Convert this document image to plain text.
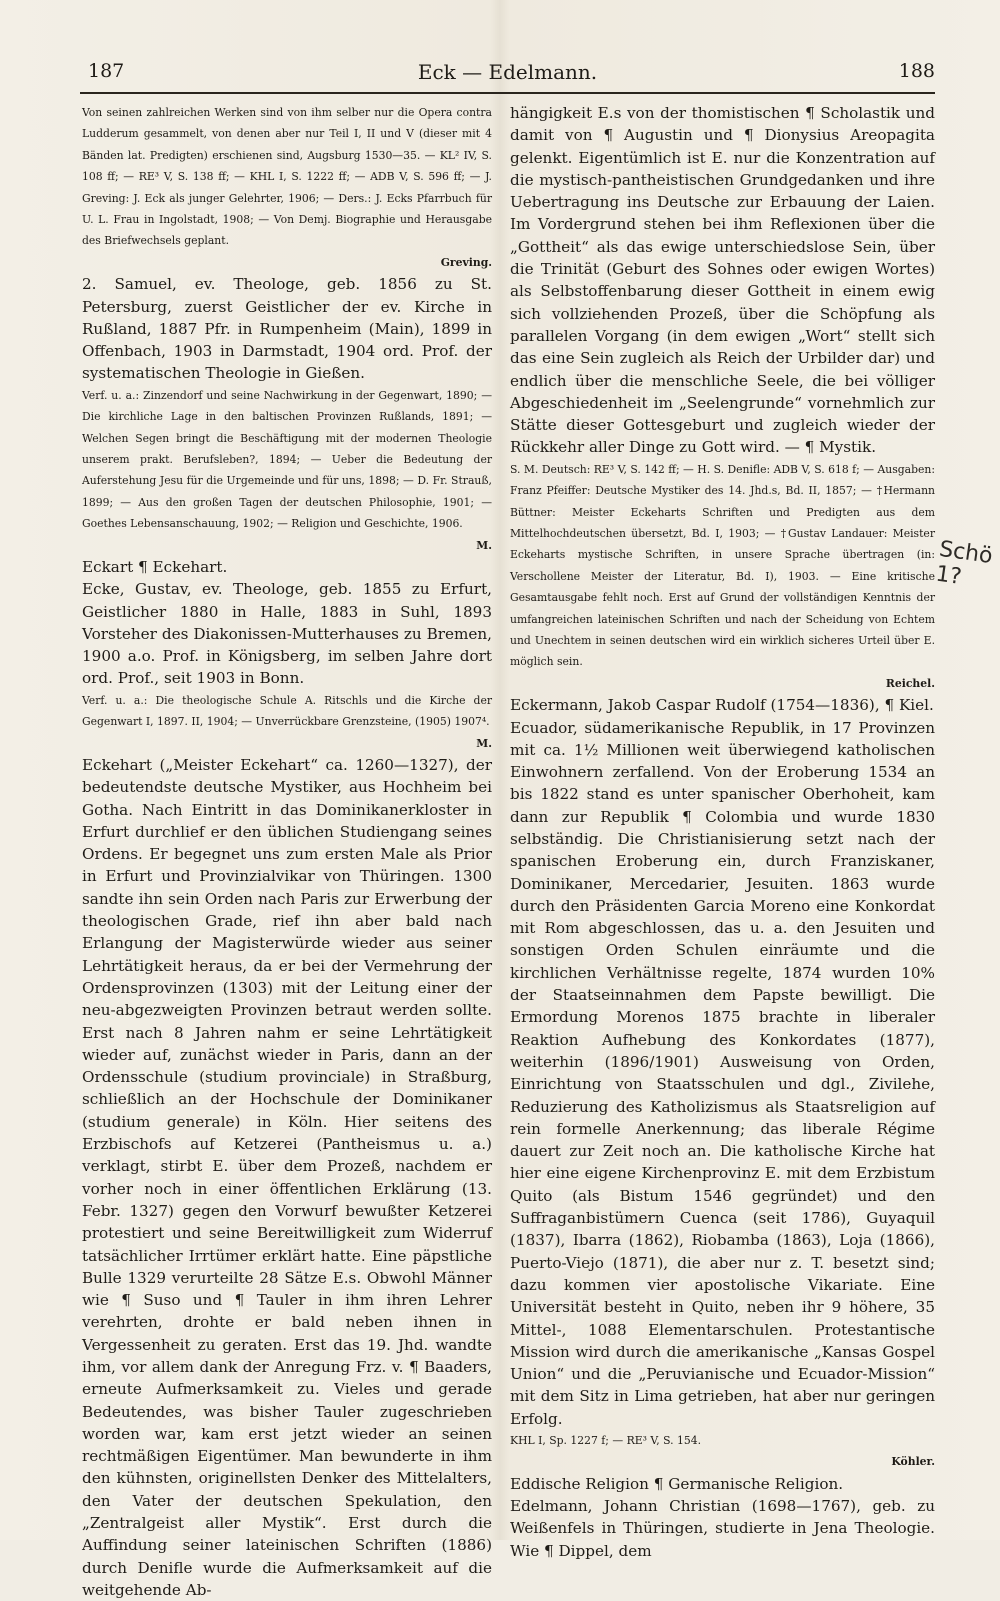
187	Eck — Edelmann.	188

Von seinen zahlreichen Werken sind von ihm selber nur die Opera contra Ludderum gesammelt, von denen aber nur Teil I, II und V (dieser mit 4 Bänden lat. Predigten) erschienen sind, Augsburg 1530—35. — KL² IV, S. 108 ff; — RE³ V, S. 138 ff; — KHL I, S. 1222 ff; — ADB V, S. 596 ff; — J. Greving: J. Eck als junger Gelehrter, 1906; — Ders.: J. Ecks Pfarrbuch für U. L. Frau in Ingolstadt, 1908; — Von Demj. Biographie und Herausgabe des Briefwechsels geplant.

Greving.

2. Samuel, ev. Theologe, geb. 1856 zu St. Petersburg, zuerst Geistlicher der ev. Kirche in Rußland, 1887 Pfr. in Rumpenheim (Main), 1899 in Offenbach, 1903 in Darmstadt, 1904 ord. Prof. der systematischen Theologie in Gießen.

Verf. u. a.: Zinzendorf und seine Nachwirkung in der Gegenwart, 1890; — Die kirchliche Lage in den baltischen Provinzen Rußlands, 1891; — Welchen Segen bringt die Beschäftigung mit der modernen Theologie unserem prakt. Berufsleben?, 1894; — Ueber die Bedeutung der Auferstehung Jesu für die Urgemeinde und für uns, 1898; — D. Fr. Strauß, 1899; — Aus den großen Tagen der deutschen Philosophie, 1901; — Goethes Lebensanschauung, 1902; — Religion und Geschichte, 1906.

M.

Eckart ¶ Eckehart.

Ecke, Gustav, ev. Theologe, geb. 1855 zu Erfurt, Geistlicher 1880 in Halle, 1883 in Suhl, 1893 Vorsteher des Diakonissen-Mutterhauses zu Bremen, 1900 a.o. Prof. in Königsberg, im selben Jahre dort ord. Prof., seit 1903 in Bonn.

Verf. u. a.: Die theologische Schule A. Ritschls und die Kirche der Gegenwart I, 1897. II, 1904; — Unverrückbare Grenzsteine, (1905) 1907⁴.

M.

Eckehart („Meister Eckehart“ ca. 1260—1327), der bedeutendste deutsche Mystiker, aus Hochheim bei Gotha. Nach Eintritt in das Dominikanerkloster in Erfurt durchlief er den üblichen Studiengang seines Ordens. Er begegnet uns zum ersten Male als Prior in Erfurt und Provinzialvikar von Thüringen. 1300 sandte ihn sein Orden nach Paris zur Erwerbung der theologischen Grade, rief ihn aber bald nach Erlangung der Magisterwürde wieder aus seiner Lehrtätigkeit heraus, da er bei der Vermehrung der Ordensprovinzen (1303) mit der Leitung einer der neu-abgezweigten Provinzen betraut werden sollte. Erst nach 8 Jahren nahm er seine Lehrtätigkeit wieder auf, zunächst wieder in Paris, dann an der Ordensschule (studium provinciale) in Straßburg, schließlich an der Hochschule der Dominikaner (studium generale) in Köln. Hier seitens des Erzbischofs auf Ketzerei (Pantheismus u. a.) verklagt, stirbt E. über dem Prozeß, nachdem er vorher noch in einer öffentlichen Erklärung (13. Febr. 1327) gegen den Vorwurf bewußter Ketzerei protestiert und seine Bereitwilligkeit zum Widerruf tatsächlicher Irrtümer erklärt hatte. Eine päpstliche Bulle 1329 verurteilte 28 Sätze E.s. Obwohl Männer wie ¶ Suso und ¶ Tauler in ihm ihren Lehrer verehrten, drohte er bald neben ihnen in Vergessenheit zu geraten. Erst das 19. Jhd. wandte ihm, vor allem dank der Anregung Frz. v. ¶ Baaders, erneute Aufmerksamkeit zu. Vieles und gerade Bedeutendes, was bisher Tauler zugeschrieben worden war, kam erst jetzt wieder an seinen rechtmäßigen Eigentümer. Man bewunderte in ihm den kühnsten, originellsten Denker des Mittelalters, den Vater der deutschen Spekulation, den „Zentralgeist aller Mystik“. Erst durch die Auffindung seiner lateinischen Schriften (1886) durch Denifle wurde die Aufmerksamkeit auf die weitgehende Ab-

hängigkeit E.s von der thomistischen ¶ Scholastik und damit von ¶ Augustin und ¶ Dionysius Areopagita gelenkt. Eigentümlich ist E. nur die Konzentration auf die mystisch-pantheistischen Grundgedanken und ihre Uebertragung ins Deutsche zur Erbauung der Laien. Im Vordergrund stehen bei ihm Reflexionen über die „Gottheit“ als das ewige unterschiedslose Sein, über die Trinität (Geburt des Sohnes oder ewigen Wortes) als Selbstoffenbarung dieser Gottheit in einem ewig sich vollziehenden Prozeß, über die Schöpfung als parallelen Vorgang (in dem ewigen „Wort“ stellt sich das eine Sein zugleich als Reich der Urbilder dar) und endlich über die menschliche Seele, die bei völliger Abgeschiedenheit im „Seelengrunde“ vornehmlich zur Stätte dieser Gottesgeburt und zugleich wieder der Rückkehr aller Dinge zu Gott wird. — ¶ Mystik.

S. M. Deutsch: RE³ V, S. 142 ff; — H. S. Denifle: ADB V, S. 618 f; — Ausgaben: Franz Pfeiffer: Deutsche Mystiker des 14. Jhd.s, Bd. II, 1857; — †Hermann Büttner: Meister Eckeharts Schriften und Predigten aus dem Mittelhochdeutschen übersetzt, Bd. I, 1903; — †Gustav Landauer: Meister Eckeharts mystische Schriften, in unsere Sprache übertragen (in: Verschollene Meister der Literatur, Bd. I), 1903. — Eine kritische Gesamtausgabe fehlt noch. Erst auf Grund der vollständigen Kenntnis der umfangreichen lateinischen Schriften und nach der Scheidung von Echtem und Unechtem in seinen deutschen wird ein wirklich sicheres Urteil über E. möglich sein.

Reichel.

Eckermann, Jakob Caspar Rudolf (1754—1836), ¶ Kiel.

Ecuador, südamerikanische Republik, in 17 Provinzen mit ca. 1½ Millionen weit überwiegend katholischen Einwohnern zerfallend. Von der Eroberung 1534 an bis 1822 stand es unter spanischer Oberhoheit, kam dann zur Republik ¶ Colombia und wurde 1830 selbständig. Die Christianisierung setzt nach der spanischen Eroberung ein, durch Franziskaner, Dominikaner, Mercedarier, Jesuiten. 1863 wurde durch den Präsidenten Garcia Moreno eine Konkordat mit Rom abgeschlossen, das u. a. den Jesuiten und sonstigen Orden Schulen einräumte und die kirchlichen Verhältnisse regelte, 1874 wurden 10% der Staatseinnahmen dem Papste bewilligt. Die Ermordung Morenos 1875 brachte in liberaler Reaktion Aufhebung des Konkordates (1877), weiterhin (1896/1901) Ausweisung von Orden, Einrichtung von Staatsschulen und dgl., Zivilehe, Reduzierung des Katholizismus als Staatsreligion auf rein formelle Anerkennung; das liberale Régime dauert zur Zeit noch an. Die katholische Kirche hat hier eine eigene Kirchenprovinz E. mit dem Erzbistum Quito (als Bistum 1546 gegründet) und den Suffraganbistümern Cuenca (seit 1786), Guyaquil (1837), Ibarra (1862), Riobamba (1863), Loja (1866), Puerto-Viejo (1871), die aber nur z. T. besetzt sind; dazu kommen vier apostolische Vikariate. Eine Universität besteht in Quito, neben ihr 9 höhere, 35 Mittel-, 1088 Elementarschulen. Protestantische Mission wird durch die amerikanische „Kansas Gospel Union“ und die „Peruvianische und Ecuador-Mission“ mit dem Sitz in Lima getrieben, hat aber nur geringen Erfolg.

KHL I, Sp. 1227 f; — RE³ V, S. 154.

Köhler.

Eddische Religion ¶ Germanische Religion.

Edelmann, Johann Christian (1698—1767), geb. zu Weißenfels in Thüringen, studierte in Jena Theologie. Wie ¶ Dippel, dem

Schö
1?
